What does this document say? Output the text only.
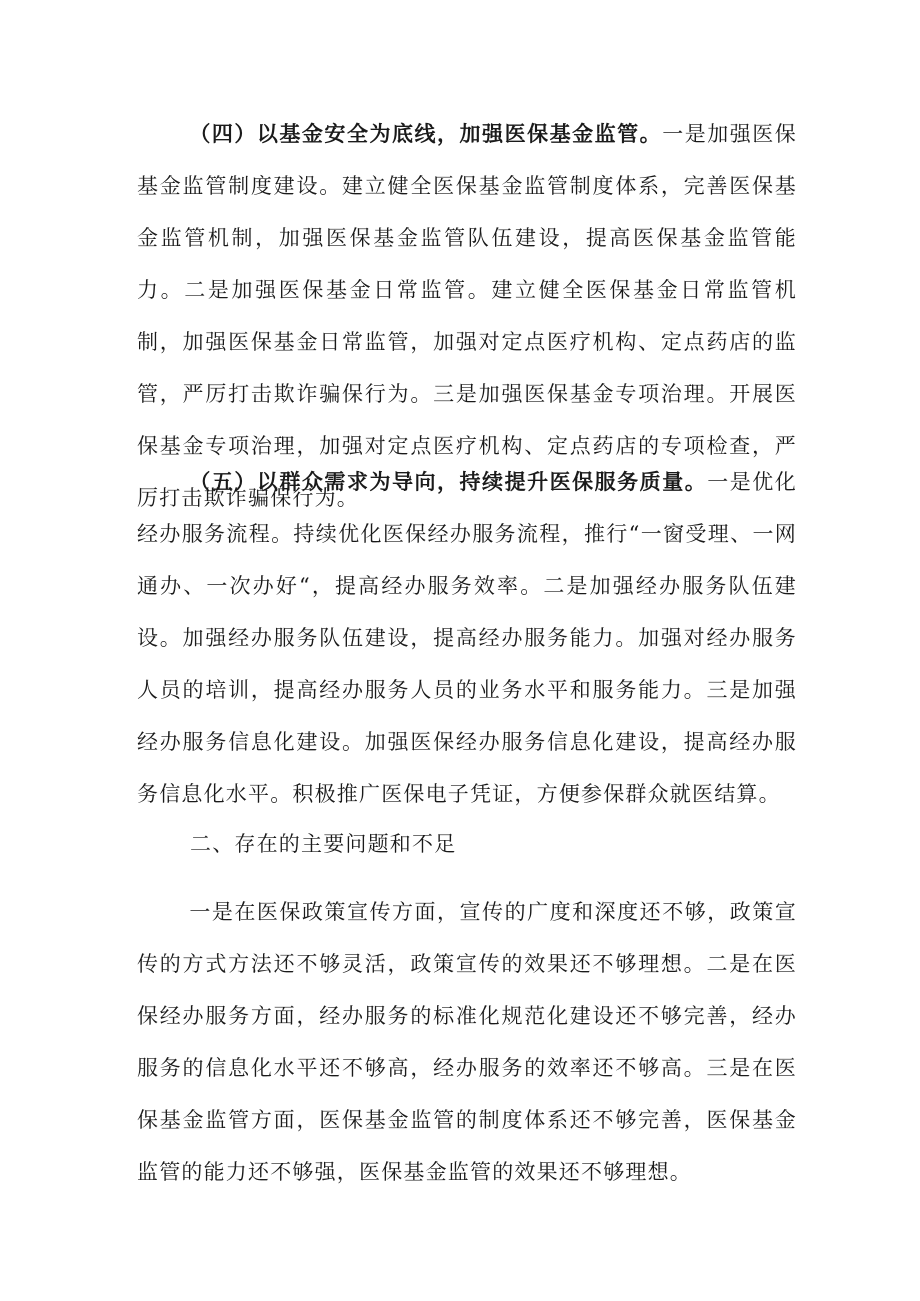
（四）以基金安全为底线，加强医保基金监管。一是加强医保基金监管制度建设。建立健全医保基金监管制度体系，完善医保基金监管机制，加强医保基金监管队伍建设，提高医保基金监管能力。二是加强医保基金日常监管。建立健全医保基金日常监管机制，加强医保基金日常监管，加强对定点医疗机构、定点药店的监管，严厉打击欺诈骗保行为。三是加强医保基金专项治理。开展医保基金专项治理，加强对定点医疗机构、定点药店的专项检查，严厉打击欺诈骗保行为。

（五）以群众需求为导向，持续提升医保服务质量。一是优化经办服务流程。持续优化医保经办服务流程，推行“一窗受理、一网通办、一次办好“，提高经办服务效率。二是加强经办服务队伍建设。加强经办服务队伍建设，提高经办服务能力。加强对经办服务人员的培训，提高经办服务人员的业务水平和服务能力。三是加强经办服务信息化建设。加强医保经办服务信息化建设，提高经办服务信息化水平。积极推广医保电子凭证，方便参保群众就医结算。

二、存在的主要问题和不足

一是在医保政策宣传方面，宣传的广度和深度还不够，政策宣传的方式方法还不够灵活，政策宣传的效果还不够理想。二是在医保经办服务方面，经办服务的标准化规范化建设还不够完善，经办服务的信息化水平还不够高，经办服务的效率还不够高。三是在医保基金监管方面，医保基金监管的制度体系还不够完善，医保基金监管的能力还不够强，医保基金监管的效果还不够理想。
